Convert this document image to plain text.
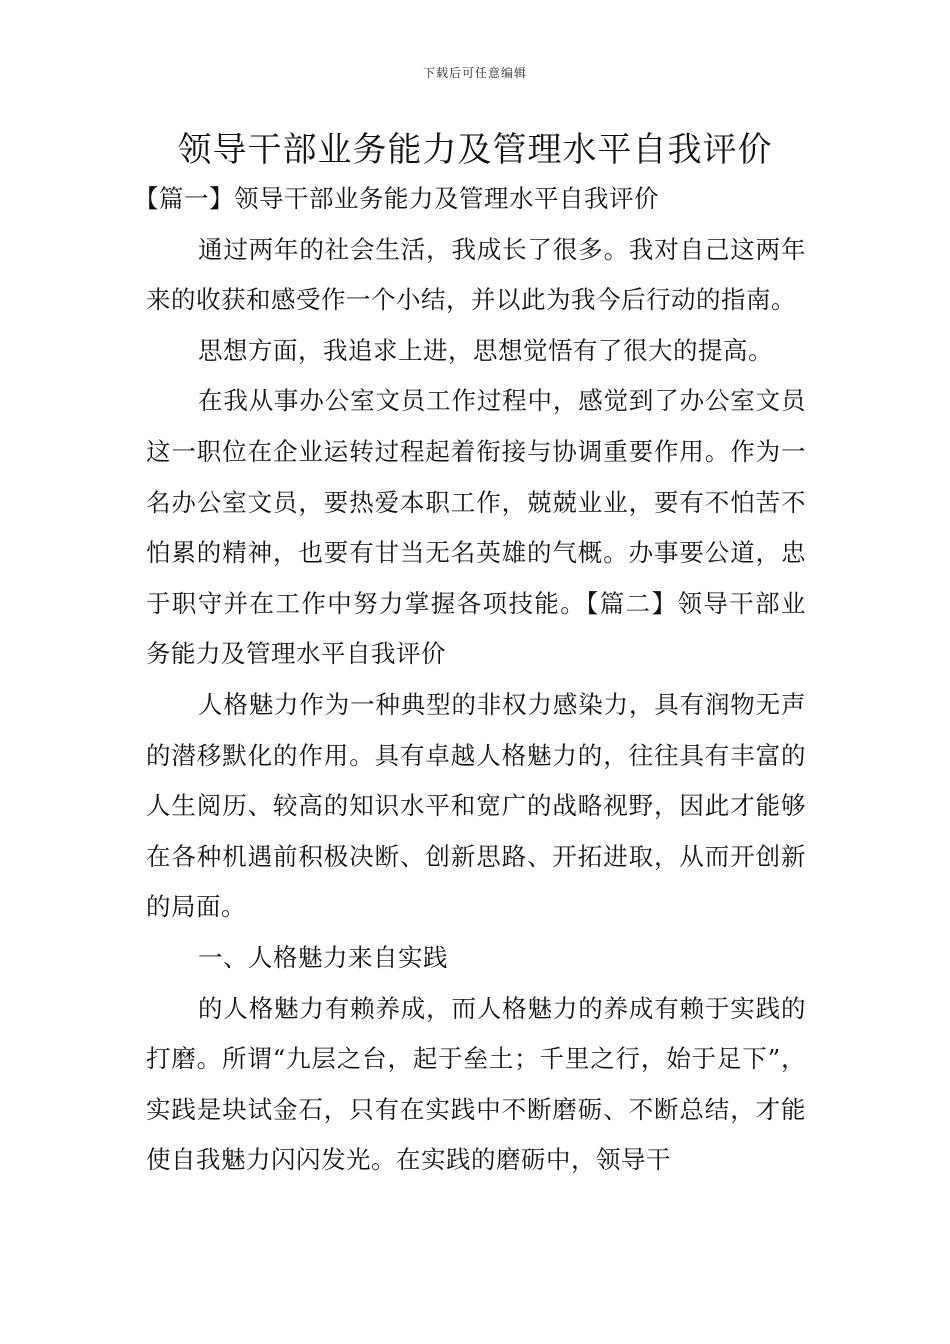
下载后可任意编辑
领导干部业务能力及管理水平自我评价

【篇一】领导干部业务能力及管理水平自我评价

通过两年的社会生活，我成长了很多。我对自己这两年来的收获和感受作一个小结，并以此为我今后行动的指南。

思想方面，我追求上进，思想觉悟有了很大的提高。

在我从事办公室文员工作过程中，感觉到了办公室文员这一职位在企业运转过程起着衔接与协调重要作用。作为一名办公室文员，要热爱本职工作，兢兢业业，要有不怕苦不怕累的精神，也要有甘当无名英雄的气概。办事要公道，忠于职守并在工作中努力掌握各项技能。【篇二】领导干部业务能力及管理水平自我评价

人格魅力作为一种典型的非权力感染力，具有润物无声的潜移默化的作用。具有卓越人格魅力的，往往具有丰富的人生阅历、较高的知识水平和宽广的战略视野，因此才能够在各种机遇前积极决断、创新思路、开拓进取，从而开创新的局面。

一、人格魅力来自实践

的人格魅力有赖养成，而人格魅力的养成有赖于实践的打磨。所谓“九层之台，起于垒土；千里之行，始于足下”，实践是块试金石，只有在实践中不断磨砺、不断总结，才能使自我魅力闪闪发光。在实践的磨砺中，领导干
